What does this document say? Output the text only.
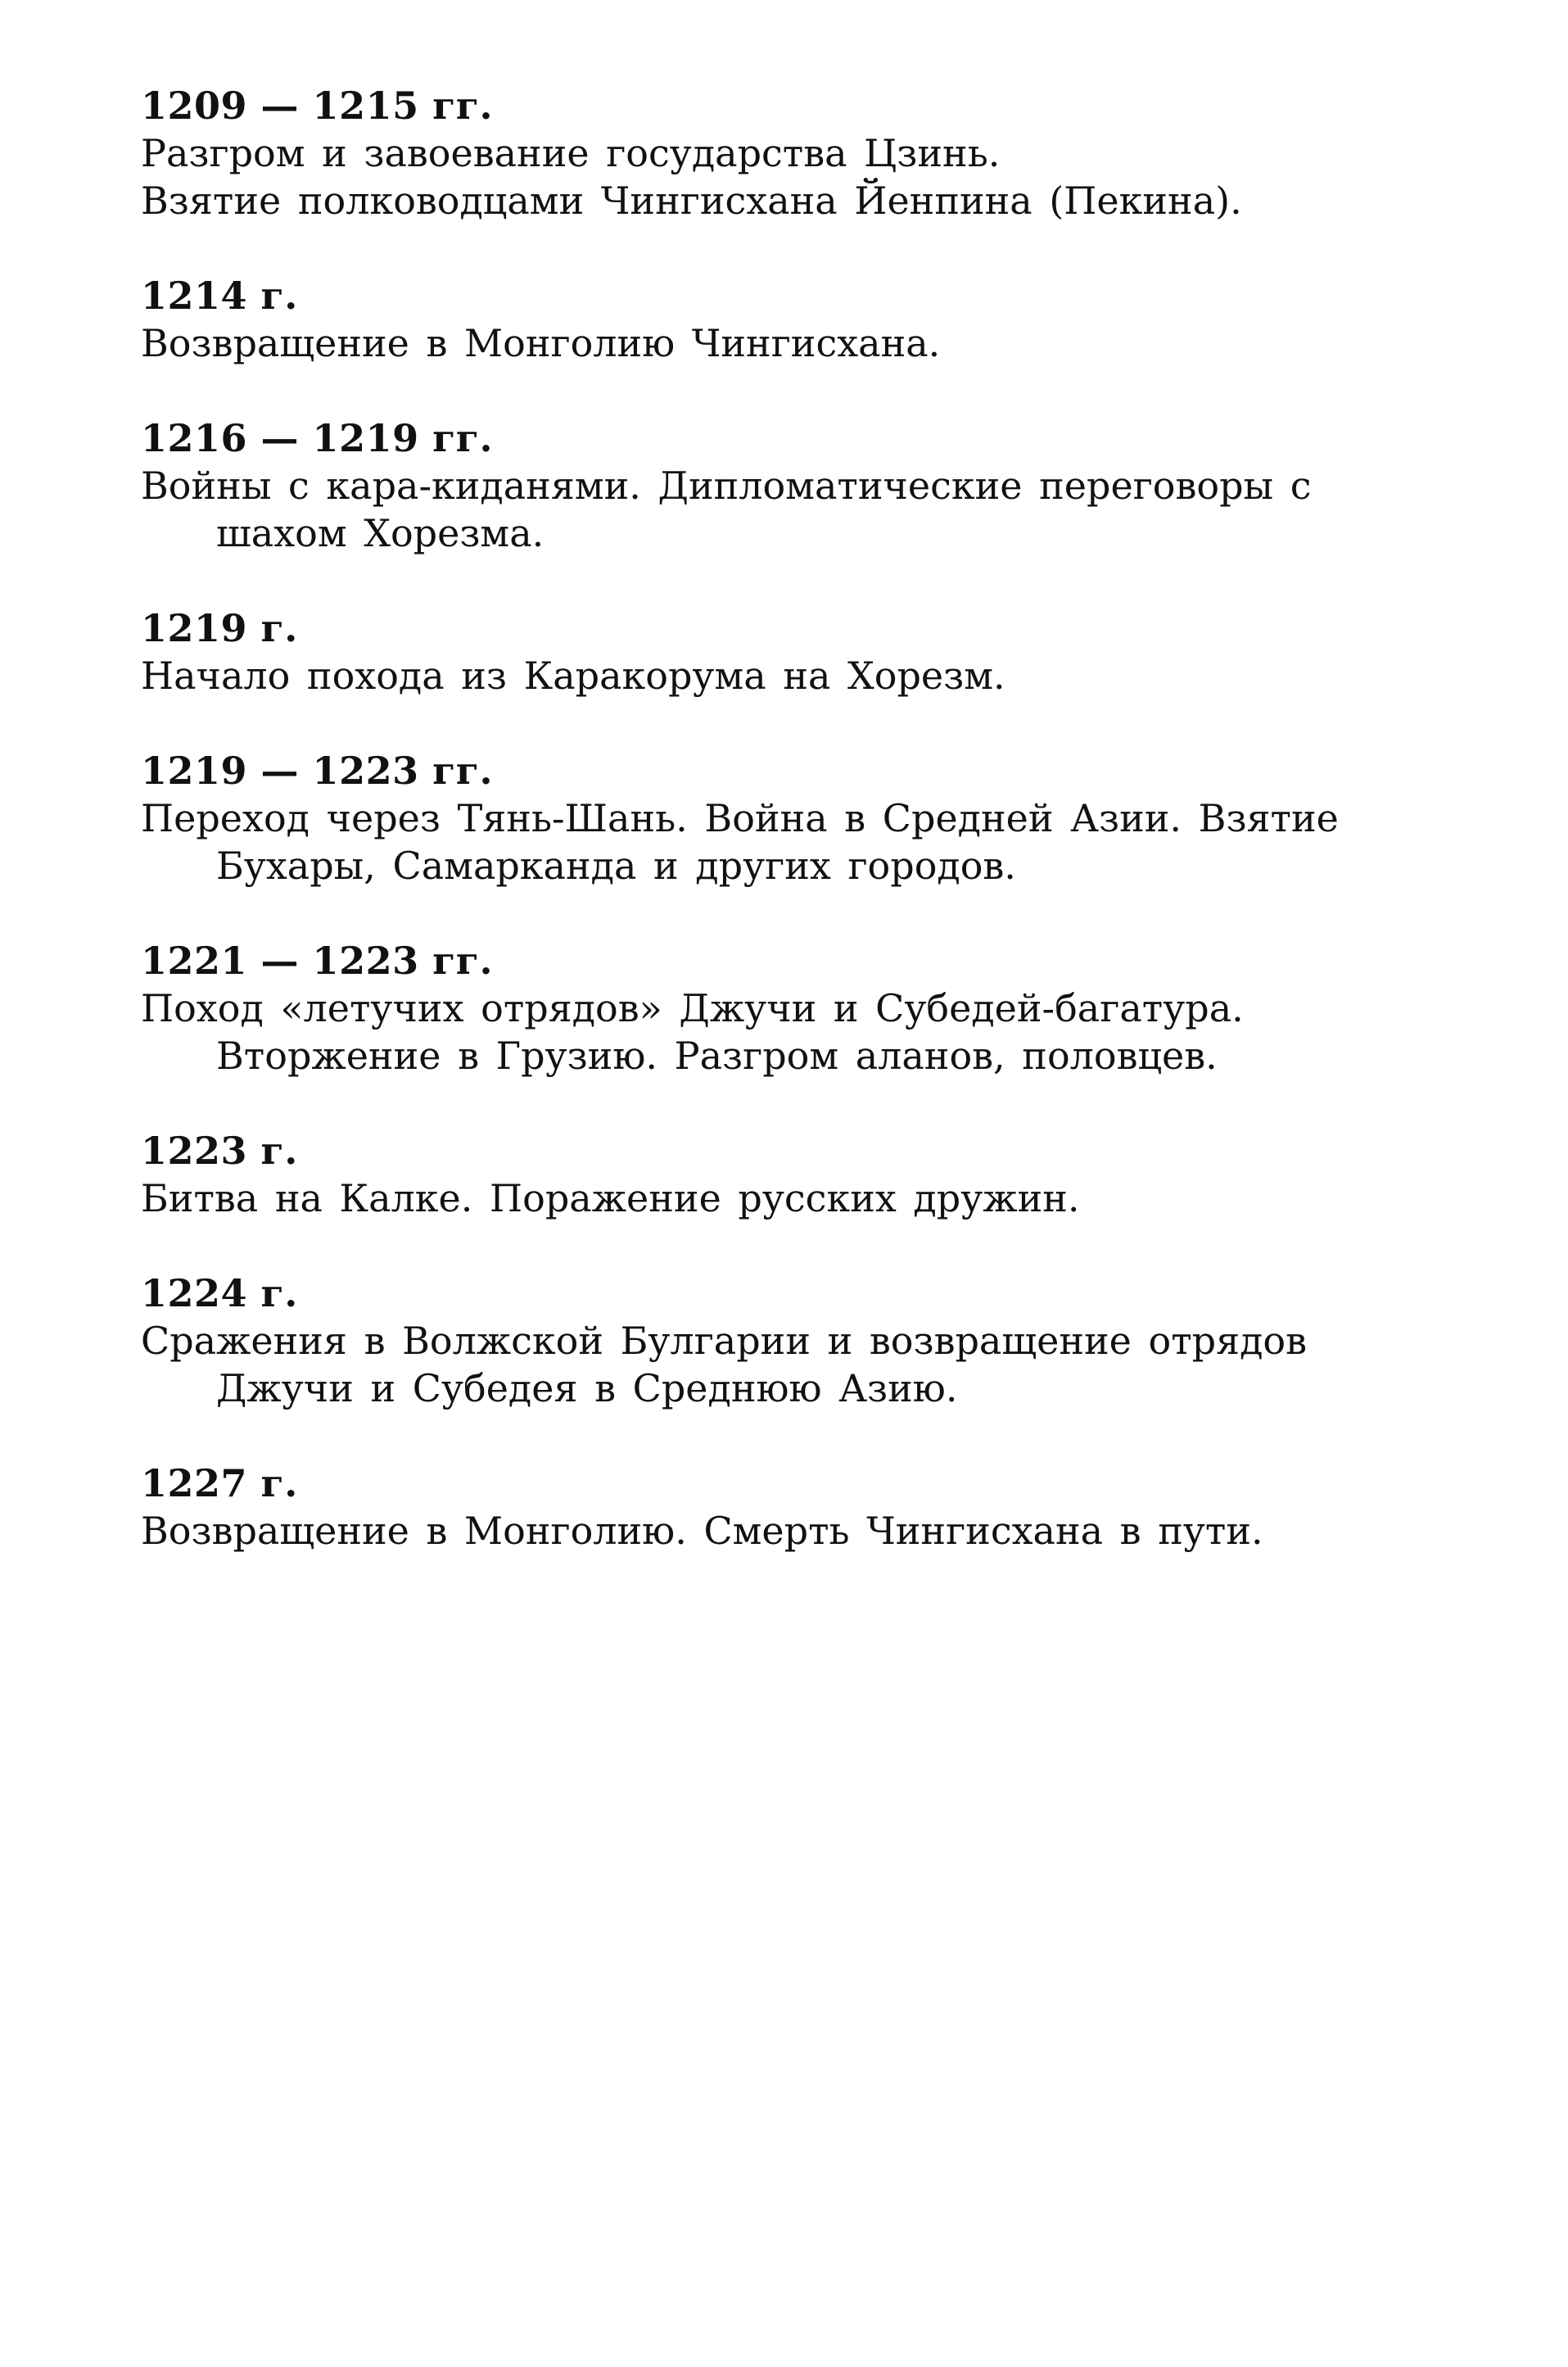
1209 — 1215 гг.
Разгром и завоевание государства Цзинь.
Взятие полководцами Чингисхана Йенпина (Пекина).
1214 г.
Возвращение в Монголию Чингисхана.
1216 — 1219 гг.
Войны с кара-киданями. Дипломатические переговоры с шахом Хорезма.
1219 г.
Начало похода из Каракорума на Хорезм.
1219 — 1223 гг.
Переход через Тянь-Шань. Война в Средней Азии. Взятие Бухары, Самарканда и других городов.
1221 — 1223 гг.
Поход «летучих отрядов» Джучи и Субедей-багатура. Вторжение в Грузию. Разгром аланов, половцев.
1223 г.
Битва на Калке. Поражение русских дружин.
1224 г.
Сражения в Волжской Булгарии и возвращение отрядов Джучи и Субедея в Среднюю Азию.
1227 г.
Возвращение в Монголию. Смерть Чингисхана в пути.
